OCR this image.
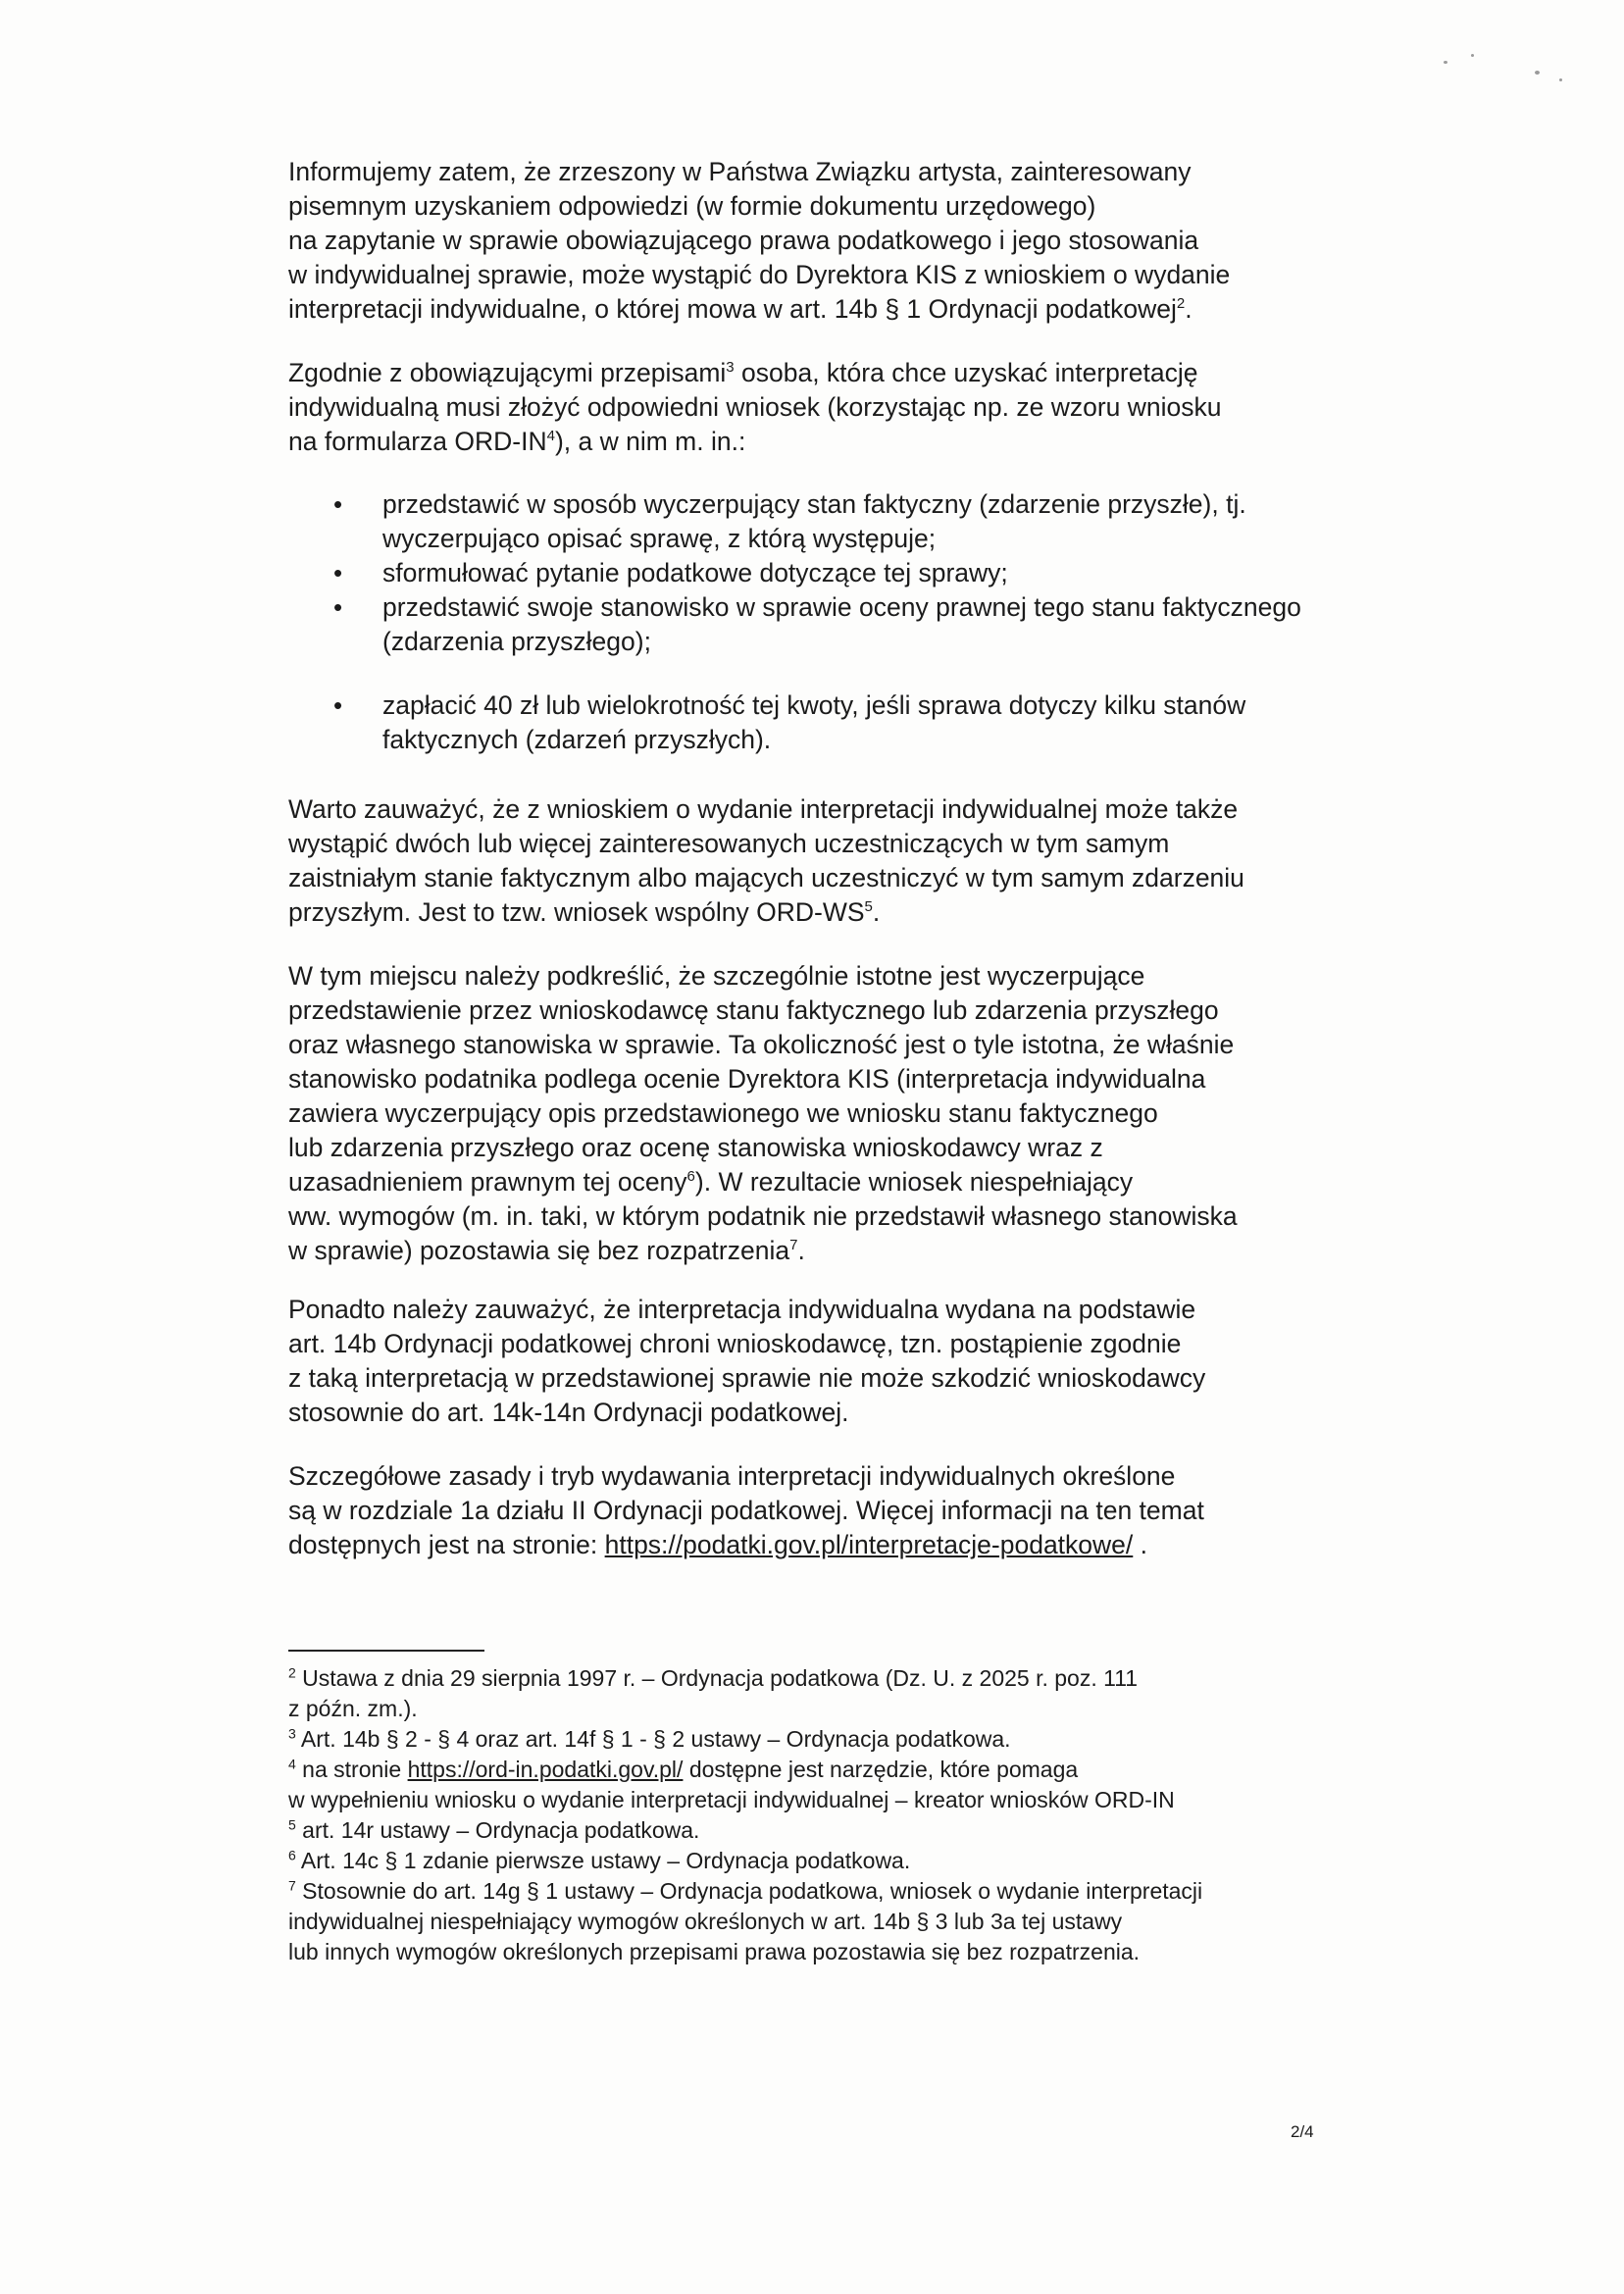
Informujemy zatem, że zrzeszony w Państwa Związku artysta, zainteresowany
pisemnym uzyskaniem odpowiedzi (w formie dokumentu urzędowego)
na zapytanie w sprawie obowiązującego prawa podatkowego i jego stosowania
w indywidualnej sprawie, może wystąpić do Dyrektora KIS z wnioskiem o wydanie
interpretacji indywidualne, o której mowa w art. 14b § 1 Ordynacji podatkowej$^2$.

Zgodnie z obowiązującymi przepisami$^3$ osoba, która chce uzyskać interpretację
indywidualną musi złożyć odpowiedni wniosek (korzystając np. ze wzoru wniosku
na formularza ORD-$IN^4$), a w nim m. in.:

• przedstawić w sposób wyczerpujący stan faktyczny (zdarzenie przyszłe), tj. wyczerpująco opisać sprawę, z którą występuje;
• sformułować pytanie podatkowe dotyczące tej sprawy;
• przedstawić swoje stanowisko w sprawie oceny prawnej tego stanu faktycznego (zdarzenia przyszłego);
• zapłacić 40 zł lub wielokrotność tej kwoty, jeśli sprawa dotyczy kilku stanów faktycznych (zdarzeń przyszłych).

Warto zauważyć, że z wnioskiem o wydanie interpretacji indywidualnej może także
wystąpić dwóch lub więcej zainteresowanych uczestniczących w tym samym
zaistniałym stanie faktycznym albo mających uczestniczyć w tym samym zdarzeniu
przyszłym. Jest to tzw. wniosek wspólny ORD-$WS^5$.

W tym miejscu należy podkreślić, że szczególnie istotne jest wyczerpujące
przedstawienie przez wnioskodawcę stanu faktycznego lub zdarzenia przyszłego
oraz własnego stanowiska w sprawie. Ta okoliczność jest o tyle istotna, że właśnie
stanowisko podatnika podlega ocenie Dyrektora KIS (interpretacja indywidualna
zawiera wyczerpujący opis przedstawionego we wniosku stanu faktycznego
lub zdarzenia przyszłego oraz ocenę stanowiska wnioskodawcy wraz z
uzasadnieniem prawnym tej oceny$^6$). W rezultacie wniosek niespełniający
ww. wymogów (m. in. taki, w którym podatnik nie przedstawił własnego stanowiska
w sprawie) pozostawia się bez rozpatrzenia$^7$.

Ponadto należy zauważyć, że interpretacja indywidualna wydana na podstawie
art. 14b Ordynacji podatkowej chroni wnioskodawcę, tzn. postąpienie zgodnie
z taką interpretacją w przedstawionej sprawie nie może szkodzić wnioskodawcy
stosownie do art. 14k-14n Ordynacji podatkowej.

Szczegółowe zasady i tryb wydawania interpretacji indywidualnych określone
są w rozdziale 1a działu II Ordynacji podatkowej. Więcej informacji na ten temat
dostępnych jest na stronie: https://podatki.gov.pl/interpretacje-podatkowe/ .

$^2$ Ustawa z dnia 29 sierpnia 1997 r. – Ordynacja podatkowa (Dz. U. z 2025 r. poz. 111
z późn. zm.).
$^3$ Art. 14b § 2 - § 4 oraz art. 14f § 1 - § 2 ustawy – Ordynacja podatkowa.
$^4$ na stronie https://ord-in.podatki.gov.pl/ dostępne jest narzędzie, które pomaga
w wypełnieniu wniosku o wydanie interpretacji indywidualnej – kreator wniosków ORD-IN
$^5$ art. 14r ustawy – Ordynacja podatkowa.
$^6$ Art. 14c § 1 zdanie pierwsze ustawy – Ordynacja podatkowa.
$^7$ Stosownie do art. 14g § 1 ustawy – Ordynacja podatkowa, wniosek o wydanie interpretacji
indywidualnej niespełniający wymogów określonych w art. 14b § 3 lub 3a tej ustawy
lub innych wymogów określonych przepisami prawa pozostawia się bez rozpatrzenia.
2/4
